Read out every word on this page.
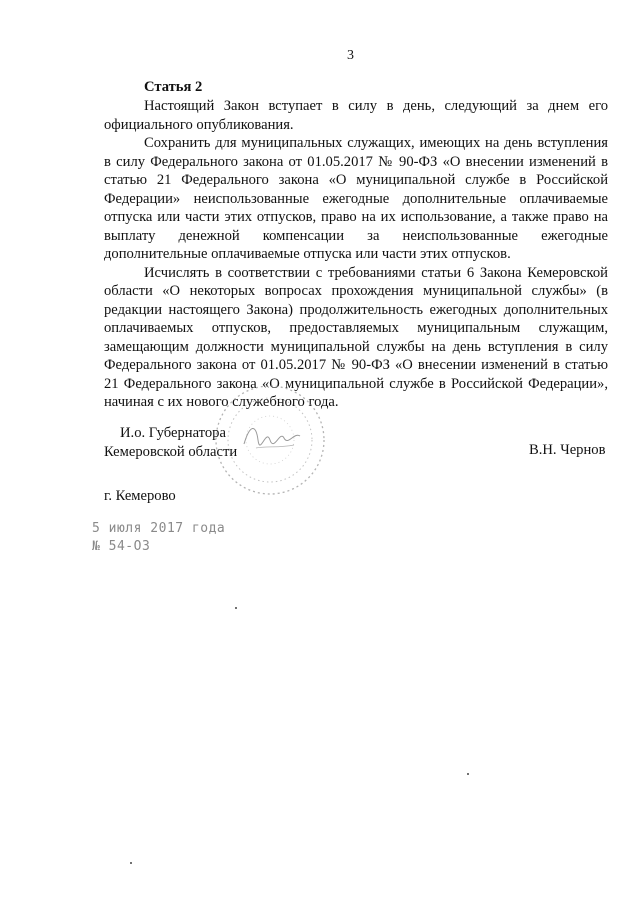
3

Статья 2

Настоящий Закон вступает в силу в день, следующий за днем его официального опубликования.

Сохранить для муниципальных служащих, имеющих на день вступления в силу Федерального закона от 01.05.2017 № 90-ФЗ «О внесении изменений в статью 21 Федерального закона «О муниципальной службе в Российской Федерации» неиспользованные ежегодные дополнительные оплачиваемые отпуска или части этих отпусков, право на их использование, а также право на выплату денежной компенсации за неиспользованные ежегодные дополнительные оплачиваемые отпуска или части этих отпусков.

Исчислять в соответствии с требованиями статьи 6 Закона Кемеровской области «О некоторых вопросах прохождения муниципальной службы» (в редакции настоящего Закона) продолжительность ежегодных дополнительных оплачиваемых отпусков, предоставляемых муниципальным служащим, замещающим должности муниципальной службы на день вступления в силу Федерального закона от 01.05.2017 № 90-ФЗ «О внесении изменений в статью 21 Федерального закона «О муниципальной службе в Российской Федерации», начиная с их нового служебного года.

И.о. Губернатора
Кемеровской области	В.Н. Чернов
г. Кемерово
5 июля 2017 года
№ 54-ОЗ
